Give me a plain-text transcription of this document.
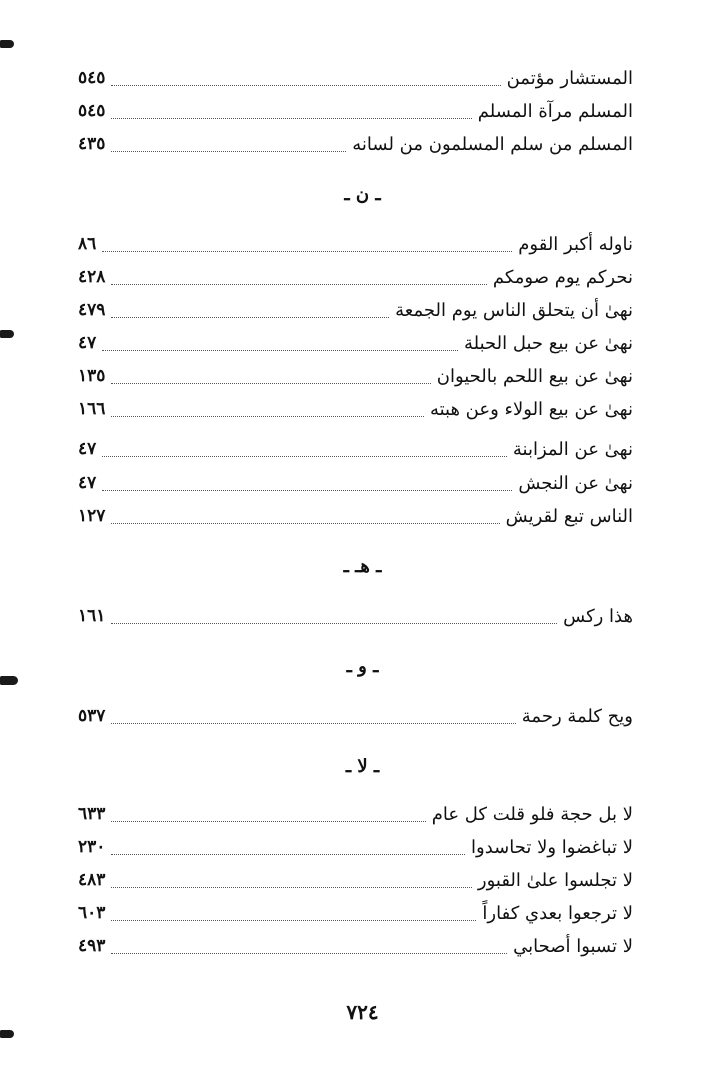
المستشار مؤتمن
٥٤٥
المسلم مرآة المسلم
٥٤٥
المسلم من سلم المسلمون من لسانه
٤٣٥
ـ ن ـ
ناوله أكبر القوم
٨٦
نحركم يوم صومكم
٤٢٨
نهىٰ أن يتحلق الناس يوم الجمعة
٤٧٩
نهىٰ عن بيع حبل الحبلة
٤٧
نهىٰ عن بيع اللحم بالحيوان
١٣٥
نهىٰ عن بيع الولاء وعن هبته
١٦٦
نهىٰ عن المزابنة
٤٧
نهىٰ عن النجش
٤٧
الناس تبع لقريش
١٢٧
ـ هـ ـ
هذا ركس
١٦١
ـ و ـ
ويح كلمة رحمة
٥٣٧
ـ لا ـ
لا بل حجة فلو قلت كل عام
٦٣٣
لا تباغضوا ولا تحاسدوا
٢٣٠
لا تجلسوا علىٰ القبور
٤٨٣
لا ترجعوا بعدي كفاراً
٦٠٣
لا تسبوا أصحابي
٤٩٣
٧٢٤
